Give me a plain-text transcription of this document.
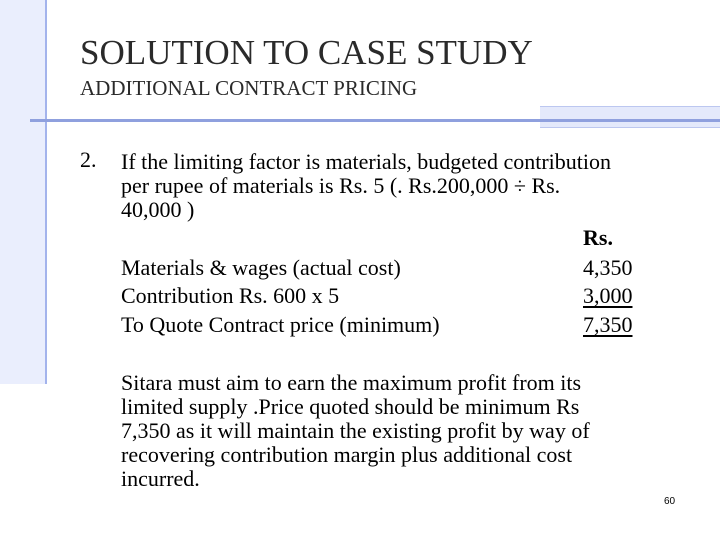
SOLUTION TO CASE STUDY
ADDITIONAL CONTRACT PRICING
2. If the limiting factor is materials, budgeted contribution
per rupee of materials is Rs. 5 (. Rs.200,000 ÷ Rs.
40,000 )
Rs.
Materials & wages (actual cost)	4,350
Contribution Rs. 600 x 5	3,000
To Quote Contract price (minimum)	7,350
Sitara must aim to earn the maximum profit from its
limited supply .Price quoted should be minimum Rs
7,350 as it will maintain the existing profit by way of
recovering contribution margin plus additional cost
incurred.
60
